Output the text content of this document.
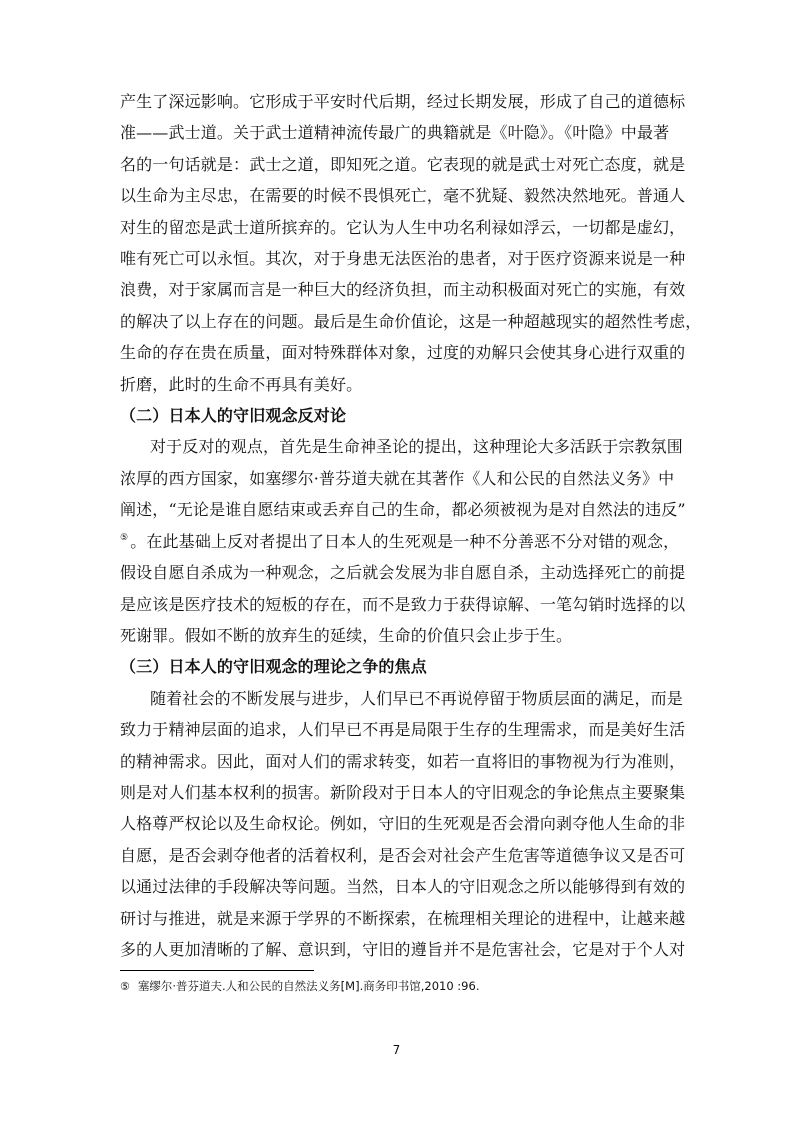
产生了深远影响。它形成于平安时代后期，经过长期发展，形成了自己的道德标
准——武士道。关于武士道精神流传最广的典籍就是《叶隐》。《叶隐》中最著
名的一句话就是：武士之道，即知死之道。它表现的就是武士对死亡态度，就是
以生命为主尽忠，在需要的时候不畏惧死亡，毫不犹疑、毅然决然地死。普通人
对生的留恋是武士道所摈弃的。它认为人生中功名利禄如浮云，一切都是虚幻，
唯有死亡可以永恒。其次，对于身患无法医治的患者，对于医疗资源来说是一种
浪费，对于家属而言是一种巨大的经济负担，而主动积极面对死亡的实施，有效
的解决了以上存在的问题。最后是生命价值论，这是一种超越现实的超然性考虑，
生命的存在贵在质量，面对特殊群体对象，过度的劝解只会使其身心进行双重的
折磨，此时的生命不再具有美好。
（二）日本人的守旧观念反对论
对于反对的观点，首先是生命神圣论的提出，这种理论大多活跃于宗教氛围
浓厚的西方国家，如塞缪尔·普芬道夫就在其著作《人和公民的自然法义务》中
阐述，“无论是谁自愿结束或丢弃自己的生命，都必须被视为是对自然法的违反”
⑤ 。在此基础上反对者提出了日本人的生死观是一种不分善恶不分对错的观念，
假设自愿自杀成为一种观念，之后就会发展为非自愿自杀，主动选择死亡的前提
是应该是医疗技术的短板的存在，而不是致力于获得谅解、一笔勾销时选择的以
死谢罪。假如不断的放弃生的延续，生命的价值只会止步于生。
（三）日本人的守旧观念的理论之争的焦点
随着社会的不断发展与进步，人们早已不再说停留于物质层面的满足，而是
致力于精神层面的追求，人们早已不再是局限于生存的生理需求，而是美好生活
的精神需求。因此，面对人们的需求转变，如若一直将旧的事物视为行为准则，
则是对人们基本权利的损害。新阶段对于日本人的守旧观念的争论焦点主要聚集
人格尊严权论以及生命权论。例如，守旧的生死观是否会滑向剥夺他人生命的非
自愿，是否会剥夺他者的活着权利，是否会对社会产生危害等道德争议又是否可
以通过法律的手段解决等问题。当然，日本人的守旧观念之所以能够得到有效的
研讨与推进，就是来源于学界的不断探索，在梳理相关理论的进程中，让越来越
多的人更加清晰的了解、意识到，守旧的遵旨并不是危害社会，它是对于个人对
⑤ 塞缪尔·普芬道夫.人和公民的自然法义务[M].商务印书馆,2010 :96.
7
